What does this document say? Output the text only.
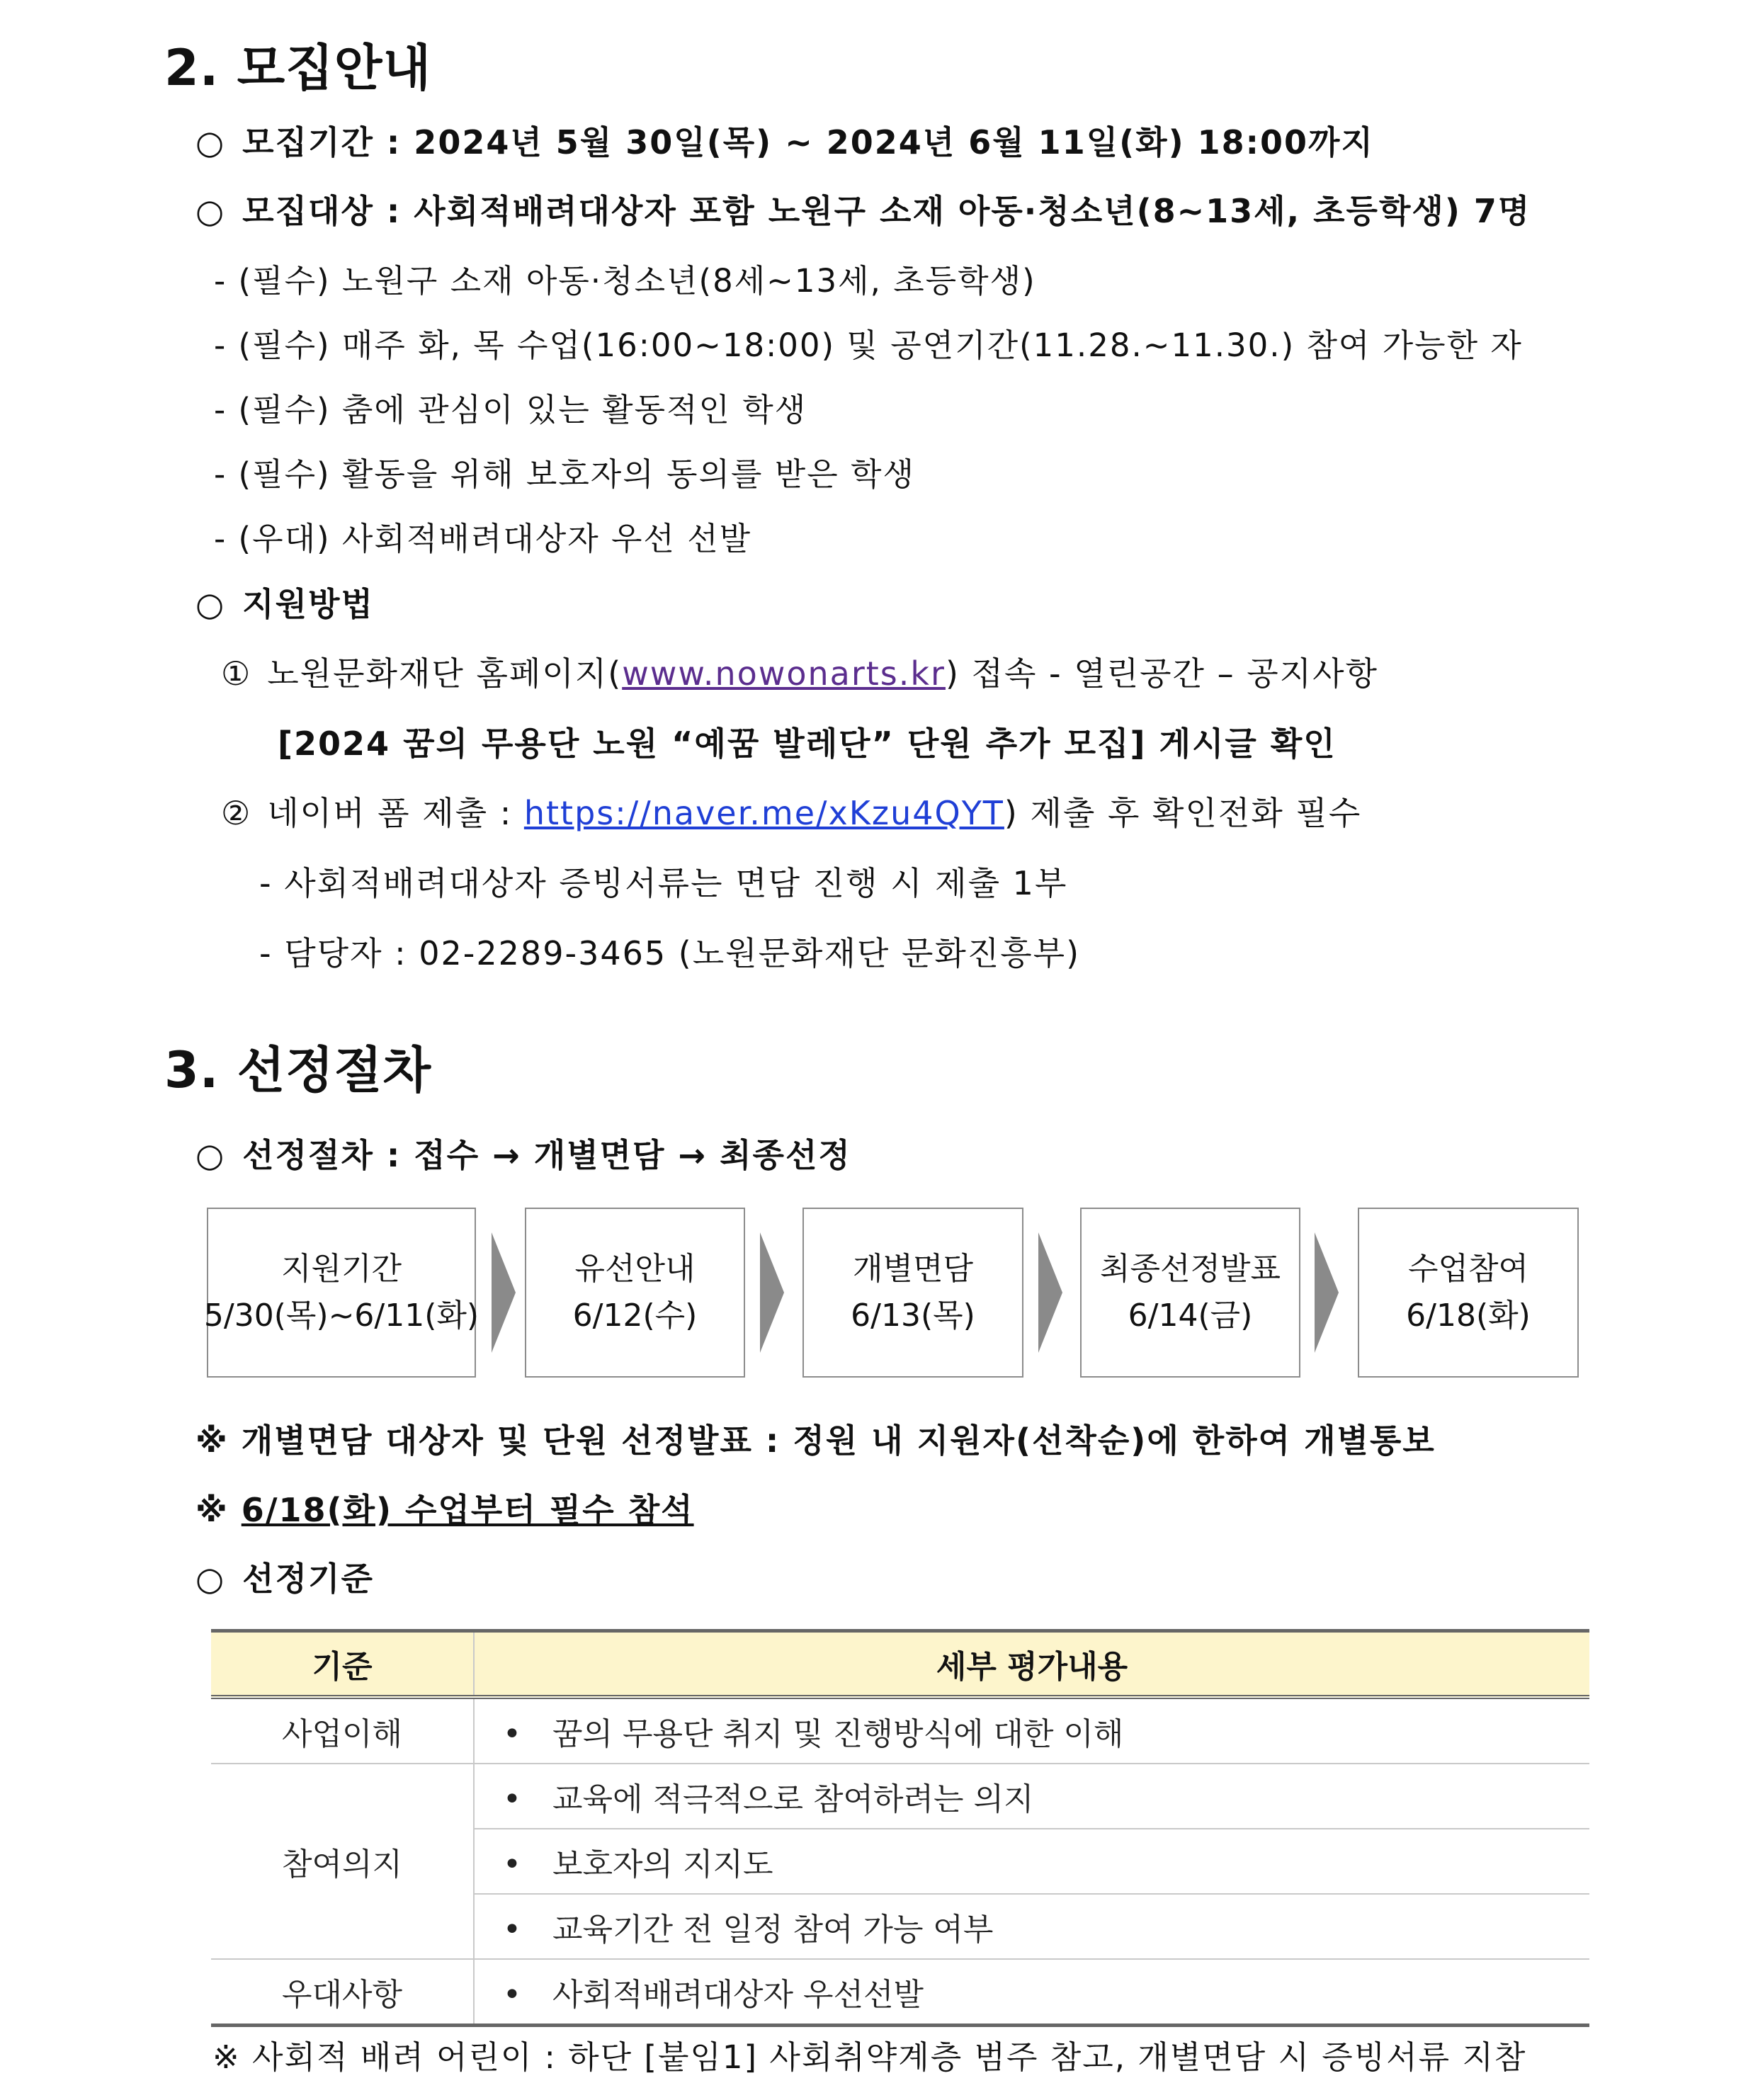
2. 모집안내
○ 모집기간 : 2024년 5월 30일(목) ~ 2024년 6월 11일(화) 18:00까지
○ 모집대상 : 사회적배려대상자 포함 노원구 소재 아동·청소년(8~13세, 초등학생) 7명
- (필수) 노원구 소재 아동·청소년(8세~13세, 초등학생)
- (필수) 매주 화, 목 수업(16:00~18:00) 및 공연기간(11.28.~11.30.) 참여 가능한 자
- (필수) 춤에 관심이 있는 활동적인 학생
- (필수) 활동을 위해 보호자의 동의를 받은 학생
- (우대) 사회적배려대상자 우선 선발
○ 지원방법
① 노원문화재단 홈페이지(www.nowonarts.kr) 접속 - 열린공간 – 공지사항
[2024 꿈의 무용단 노원 “예꿈 발레단” 단원 추가 모집] 게시글 확인
② 네이버 폼 제출 : https://naver.me/xKzu4QYT) 제출 후 확인전화 필수
- 사회적배려대상자 증빙서류는 면담 진행 시 제출 1부
- 담당자 : 02-2289-3465 (노원문화재단 문화진흥부)
3. 선정절차
○ 선정절차 : 접수 → 개별면담 → 최종선정
지원기간
5/30(목)~6/11(화)
유선안내
6/12(수)
개별면담
6/13(목)
최종선정발표
6/14(금)
수업참여
6/18(화)
※ 개별면담 대상자 및 단원 선정발표 : 정원 내 지원자(선착순)에 한하여 개별통보
※ 6/18(화) 수업부터 필수 참석
○ 선정기준
기준	세부 평가내용
사업이해	• 꿈의 무용단 취지 및 진행방식에 대한 이해
참여의지	• 교육에 적극적으로 참여하려는 의지
	• 보호자의 지지도
	• 교육기간 전 일정 참여 가능 여부
우대사항	• 사회적배려대상자 우선선발
※ 사회적 배려 어린이 : 하단 [붙임1] 사회취약계층 범주 참고, 개별면담 시 증빙서류 지참
